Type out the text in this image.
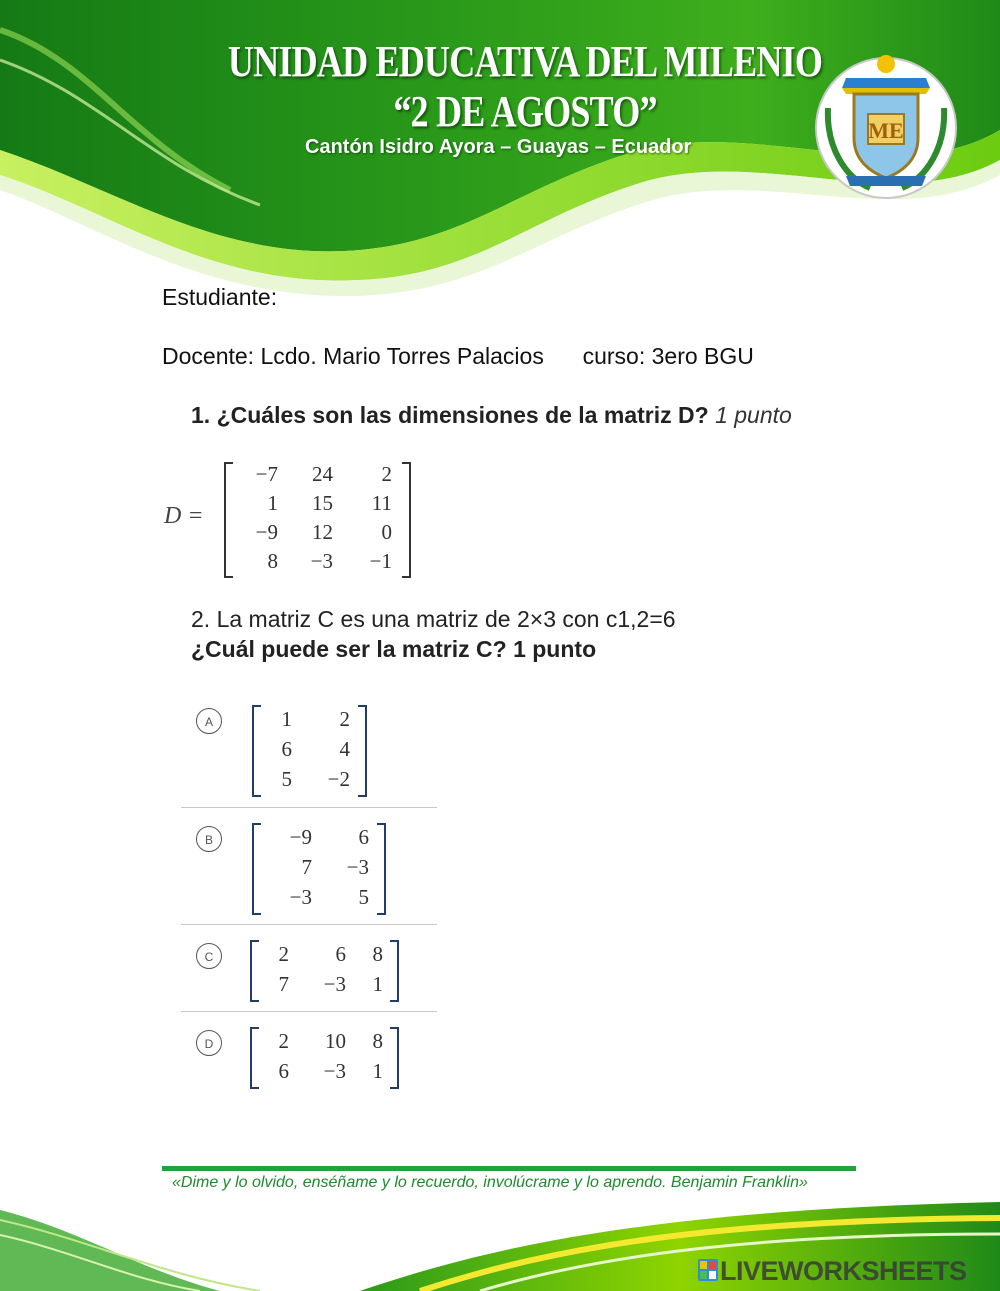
UNIDAD EDUCATIVA DEL MILENIO
“2 DE AGOSTO”
Cantón Isidro Ayora – Guayas – Ecuador
ME
Estudiante:
Docente: Lcdo. Mario Torres Palacios curso: 3ero BGU
1. ¿Cuáles son las dimensiones de la matriz D? 1 punto
D =
−7	24	2
1	15	11
−9	12	0
8	−3	−1
2. La matriz C es una matriz de 2×3 con c1,2=6
¿Cuál puede ser la matriz C? 1 punto
A	1	2
6	4
5	−2
B	−9	6
7	−3
−3	5
C	2	6	8
7	−3	1
D	2	10	8
6	−3	1
«Dime y lo olvido, enséñame y lo recuerdo, involúcrame y lo aprendo. Benjamin Franklin»
LIVEWORKSHEETS
